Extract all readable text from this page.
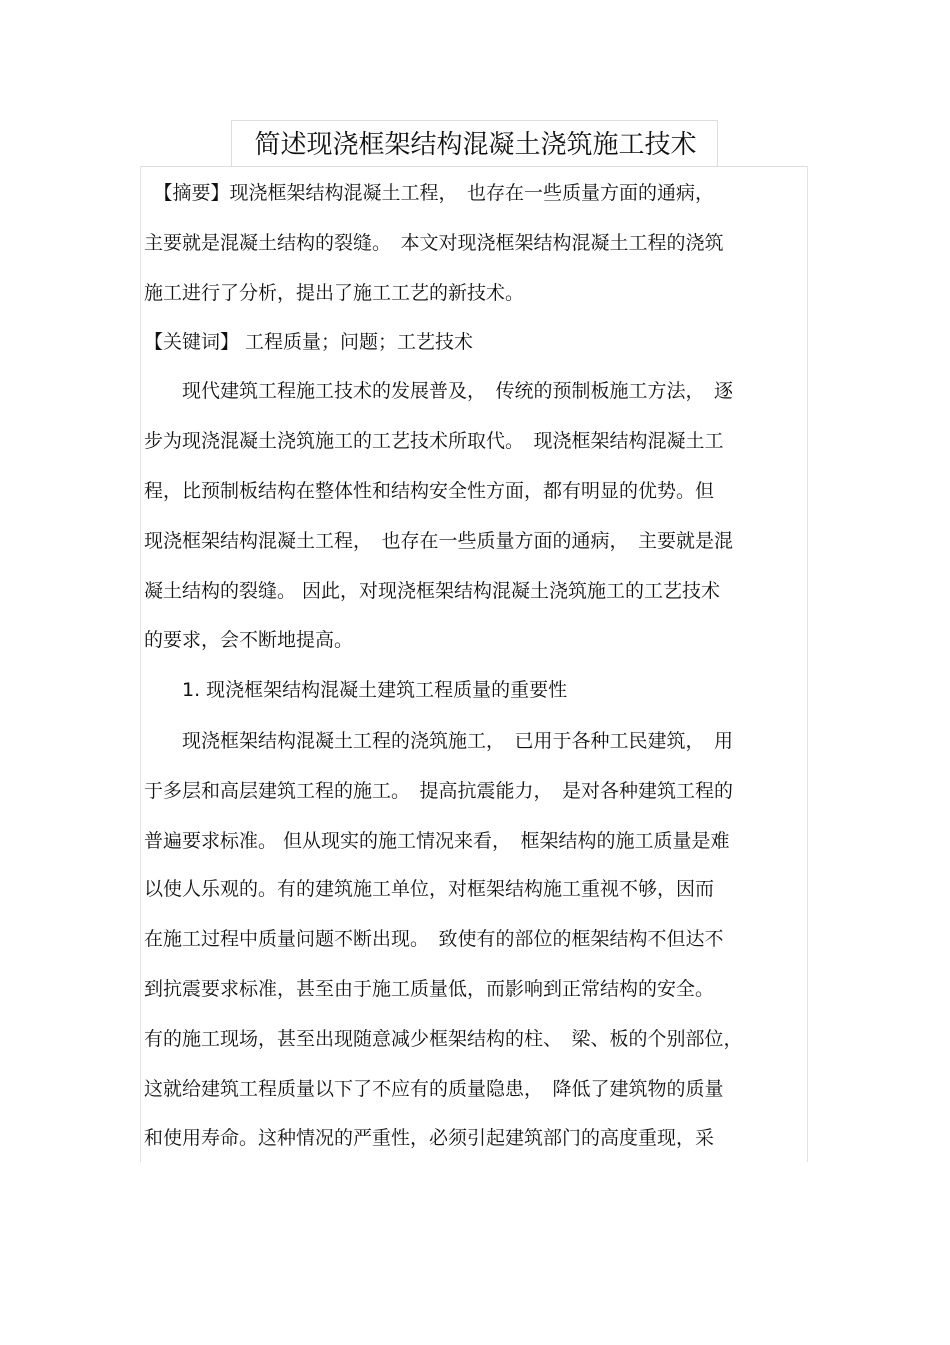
简述现浇框架结构混凝土浇筑施工技术
　【摘要】现浇框架结构混凝土工程，　也存在一些质量方面的通病，
主要就是混凝土结构的裂缝。　本文对现浇框架结构混凝土工程的浇筑
施工进行了分析，提出了施工工艺的新技术。
【关键词】 工程质量；问题；工艺技术
　　现代建筑工程施工技术的发展普及，　传统的预制板施工方法，　逐
步为现浇混凝土浇筑施工的工艺技术所取代。　现浇框架结构混凝土工
程，比预制板结构在整体性和结构安全性方面，都有明显的优势。但
现浇框架结构混凝土工程，　也存在一些质量方面的通病，　主要就是混
凝土结构的裂缝。 因此，对现浇框架结构混凝土浇筑施工的工艺技术
的要求，会不断地提高。
　　1. 现浇框架结构混凝土建筑工程质量的重要性
　　现浇框架结构混凝土工程的浇筑施工，　已用于各种工民建筑，　用
于多层和高层建筑工程的施工。　提高抗震能力，　是对各种建筑工程的
普遍要求标准。 但从现实的施工情况来看，　框架结构的施工质量是难
以使人乐观的。有的建筑施工单位，对框架结构施工重视不够，因而
在施工过程中质量问题不断出现。　致使有的部位的框架结构不但达不
到抗震要求标准，甚至由于施工质量低，而影响到正常结构的安全。
有的施工现场，甚至出现随意减少框架结构的柱、　梁、板的个别部位，
这就给建筑工程质量以下了不应有的质量隐患，　降低了建筑物的质量
和使用寿命。这种情况的严重性，必须引起建筑部门的高度重现，采
